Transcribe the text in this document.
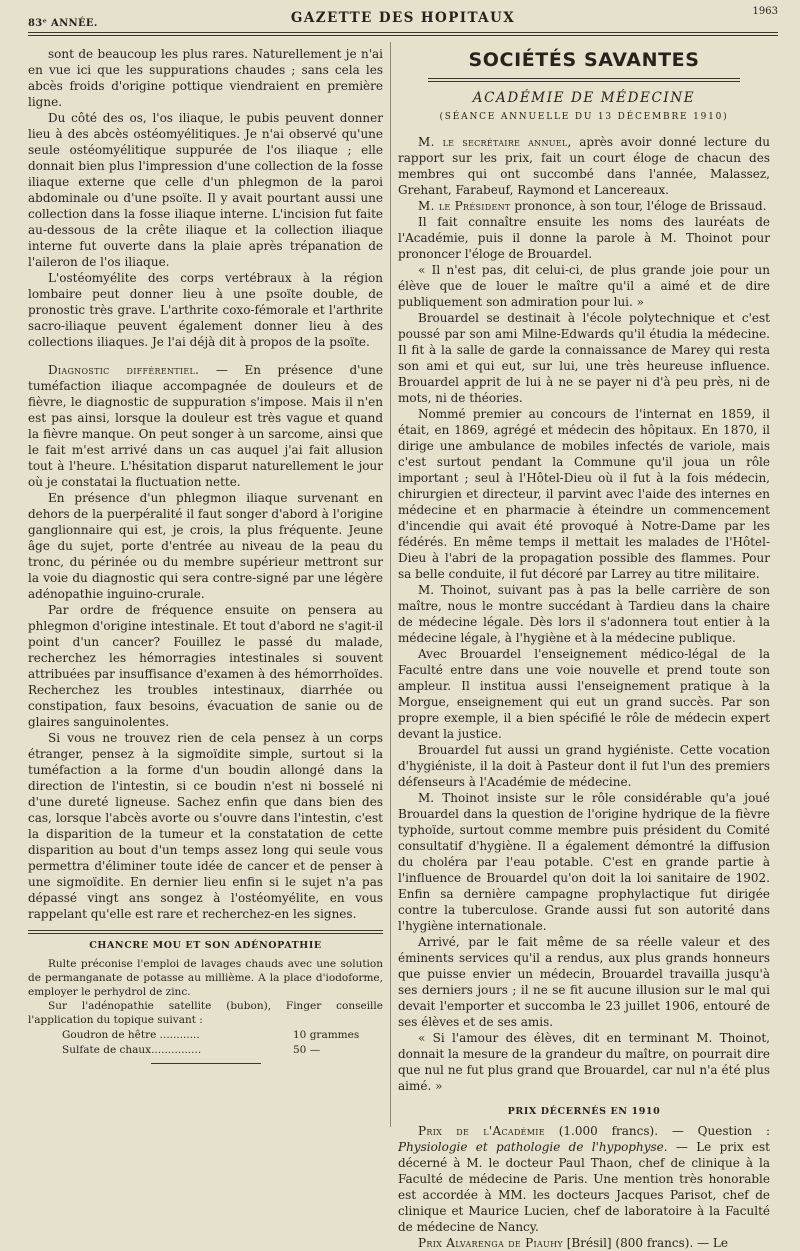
83ᵉ ANNÉE.	GAZETTE DES HOPITAUX	1963

sont de beaucoup les plus rares. Naturellement je n'ai en vue ici que les suppurations chaudes ; sans cela les abcès froids d'origine pottique viendraient en première ligne.

Du côté des os, l'os iliaque, le pubis peuvent donner lieu à des abcès ostéomyélitiques. Je n'ai observé qu'une seule ostéomyélitique suppurée de l'os iliaque ; elle donnait bien plus l'impression d'une collection de la fosse iliaque externe que celle d'un phlegmon de la paroi abdominale ou d'une psoïte. Il y avait pourtant aussi une collection dans la fosse iliaque interne. L'incision fut faite au-dessous de la crête iliaque et la collection iliaque interne fut ouverte dans la plaie après trépanation de l'aileron de l'os iliaque.

L'ostéomyélite des corps vertébraux à la région lombaire peut donner lieu à une psoïte double, de pronostic très grave. L'arthrite coxo-fémorale et l'arthrite sacro-iliaque peuvent également donner lieu à des collections iliaques. Je l'ai déjà dit à propos de la psoïte.

Diagnostic différentiel. — En présence d'une tuméfaction iliaque accompagnée de douleurs et de fièvre, le diagnostic de suppuration s'impose. Mais il n'en est pas ainsi, lorsque la douleur est très vague et quand la fièvre manque. On peut songer à un sarcome, ainsi que le fait m'est arrivé dans un cas auquel j'ai fait allusion tout à l'heure. L'hésitation disparut naturellement le jour où je constatai la fluctuation nette.

En présence d'un phlegmon iliaque survenant en dehors de la puerpéralité il faut songer d'abord à l'origine ganglionnaire qui est, je crois, la plus fréquente. Jeune âge du sujet, porte d'entrée au niveau de la peau du tronc, du périnée ou du membre supérieur mettront sur la voie du diagnostic qui sera contre-signé par une légère adénopathie inguino-crurale.

Par ordre de fréquence ensuite on pensera au phlegmon d'origine intestinale. Et tout d'abord ne s'agit-il point d'un cancer? Fouillez le passé du malade, recherchez les hémorragies intestinales si souvent attribuées par insuffisance d'examen à des hémorrhoïdes. Recherchez les troubles intestinaux, diarrhée ou constipation, faux besoins, évacuation de sanie ou de glaires sanguinolentes.

Si vous ne trouvez rien de cela pensez à un corps étranger, pensez à la sigmoïdite simple, surtout si la tuméfaction a la forme d'un boudin allongé dans la direction de l'intestin, si ce boudin n'est ni bosselé ni d'une dureté ligneuse. Sachez enfin que dans bien des cas, lorsque l'abcès avorte ou s'ouvre dans l'intestin, c'est la disparition de la tumeur et la constatation de cette disparition au bout d'un temps assez long qui seule vous permettra d'éliminer toute idée de cancer et de penser à une sigmoïdite. En dernier lieu enfin si le sujet n'a pas dépassé vingt ans songez à l'ostéomyélite, en vous rappelant qu'elle est rare et recherchez-en les signes.

CHANCRE MOU ET SON ADÉNOPATHIE

Rulte préconise l'emploi de lavages chauds avec une solution de permanganate de potasse au millième. A la place d'iodoforme, employer le perhydrol de zinc.

Sur l'adénopathie satellite (bubon), Finger conseille l'application du topique suivant :

Goudron de hêtre ............	10 grammes
Sulfate de chaux...............	50 —
SOCIÉTÉS SAVANTES
ACADÉMIE DE MÉDECINE
(SÉANCE ANNUELLE DU 13 DÉCEMBRE 1910)

M. le secrétaire annuel, après avoir donné lecture du rapport sur les prix, fait un court éloge de chacun des membres qui ont succombé dans l'année, Malassez, Grehant, Farabeuf, Raymond et Lancereaux.

M. le Président prononce, à son tour, l'éloge de Brissaud.

Il fait connaître ensuite les noms des lauréats de l'Académie, puis il donne la parole à M. Thoinot pour prononcer l'éloge de Brouardel.

« Il n'est pas, dit celui-ci, de plus grande joie pour un élève que de louer le maître qu'il a aimé et de dire publiquement son admiration pour lui. »

Brouardel se destinait à l'école polytechnique et c'est poussé par son ami Milne-Edwards qu'il étudia la médecine. Il fit à la salle de garde la connaissance de Marey qui resta son ami et qui eut, sur lui, une très heureuse influence. Brouardel apprit de lui à ne se payer ni d'à peu près, ni de mots, ni de théories.

Nommé premier au concours de l'internat en 1859, il était, en 1869, agrégé et médecin des hôpitaux. En 1870, il dirige une ambulance de mobiles infectés de variole, mais c'est surtout pendant la Commune qu'il joua un rôle important ; seul à l'Hôtel-Dieu où il fut à la fois médecin, chirurgien et directeur, il parvint avec l'aide des internes en médecine et en pharmacie à éteindre un commencement d'incendie qui avait été provoqué à Notre-Dame par les fédérés. En même temps il mettait les malades de l'Hôtel-Dieu à l'abri de la propagation possible des flammes. Pour sa belle conduite, il fut décoré par Larrey au titre militaire.

M. Thoinot, suivant pas à pas la belle carrière de son maître, nous le montre succédant à Tardieu dans la chaire de médecine légale. Dès lors il s'adonnera tout entier à la médecine légale, à l'hygiène et à la médecine publique.

Avec Brouardel l'enseignement médico-légal de la Faculté entre dans une voie nouvelle et prend toute son ampleur. Il institua aussi l'enseignement pratique à la Morgue, enseignement qui eut un grand succès. Par son propre exemple, il a bien spécifié le rôle de médecin expert devant la justice.

Brouardel fut aussi un grand hygiéniste. Cette vocation d'hygiéniste, il la doit à Pasteur dont il fut l'un des premiers défenseurs à l'Académie de médecine.

M. Thoinot insiste sur le rôle considérable qu'a joué Brouardel dans la question de l'origine hydrique de la fièvre typhoïde, surtout comme membre puis président du Comité consultatif d'hygiène. Il a également démontré la diffusion du choléra par l'eau potable. C'est en grande partie à l'influence de Brouardel qu'on doit la loi sanitaire de 1902. Enfin sa dernière campagne prophylactique fut dirigée contre la tuberculose. Grande aussi fut son autorité dans l'hygiène internationale.

Arrivé, par le fait même de sa réelle valeur et des éminents services qu'il a rendus, aux plus grands honneurs que puisse envier un médecin, Brouardel travailla jusqu'à ses derniers jours ; il ne se fit aucune illusion sur le mal qui devait l'emporter et succomba le 23 juillet 1906, entouré de ses élèves et de ses amis.

« Si l'amour des élèves, dit en terminant M. Thoinot, donnait la mesure de la grandeur du maître, on pourrait dire que nul ne fut plus grand que Brouardel, car nul n'a été plus aimé. »

PRIX DÉCERNÉS EN 1910

Prix de l'Académie (1.000 francs). — Question : Physiologie et pathologie de l'hypophyse. — Le prix est décerné à M. le docteur Paul Thaon, chef de clinique à la Faculté de médecine de Paris. Une mention très honorable est accordée à MM. les docteurs Jacques Parisot, chef de clinique et Maurice Lucien, chef de laboratoire à la Faculté de médecine de Nancy.

Prix Alvarenga de Piauhy [Brésil] (800 francs). — Le
